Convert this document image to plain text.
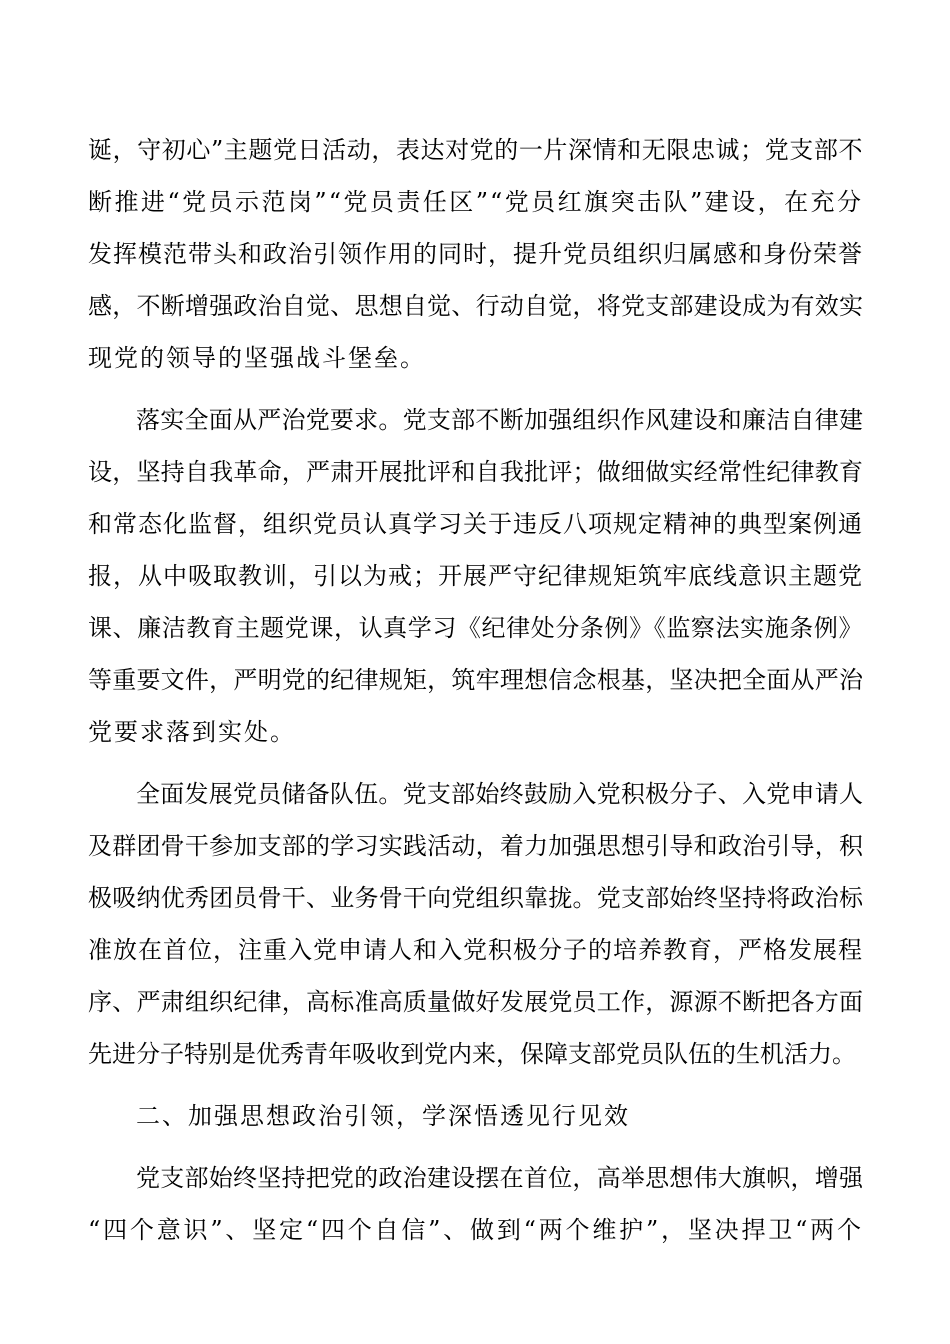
诞，守初心”主题党日活动，表达对党的一片深情和无限忠诚；党支部不
断推进“党员示范岗”“党员责任区”“党员红旗突击队”建设，在充分
发挥模范带头和政治引领作用的同时，提升党员组织归属感和身份荣誉
感，不断增强政治自觉、思想自觉、行动自觉，将党支部建设成为有效实
现党的领导的坚强战斗堡垒。
落实全面从严治党要求。党支部不断加强组织作风建设和廉洁自律建
设，坚持自我革命，严肃开展批评和自我批评；做细做实经常性纪律教育
和常态化监督，组织党员认真学习关于违反八项规定精神的典型案例通
报，从中吸取教训，引以为戒；开展严守纪律规矩筑牢底线意识主题党
课、廉洁教育主题党课，认真学习《纪律处分条例》《监察法实施条例》
等重要文件，严明党的纪律规矩，筑牢理想信念根基，坚决把全面从严治
党要求落到实处。
全面发展党员储备队伍。党支部始终鼓励入党积极分子、入党申请人
及群团骨干参加支部的学习实践活动，着力加强思想引导和政治引导，积
极吸纳优秀团员骨干、业务骨干向党组织靠拢。党支部始终坚持将政治标
准放在首位，注重入党申请人和入党积极分子的培养教育，严格发展程
序、严肃组织纪律，高标准高质量做好发展党员工作，源源不断把各方面
先进分子特别是优秀青年吸收到党内来，保障支部党员队伍的生机活力。
二、加强思想政治引领，学深悟透见行见效
党支部始终坚持把党的政治建设摆在首位，高举思想伟大旗帜，增强
“四个意识”、坚定“四个自信”、做到“两个维护”，坚决捍卫“两个
